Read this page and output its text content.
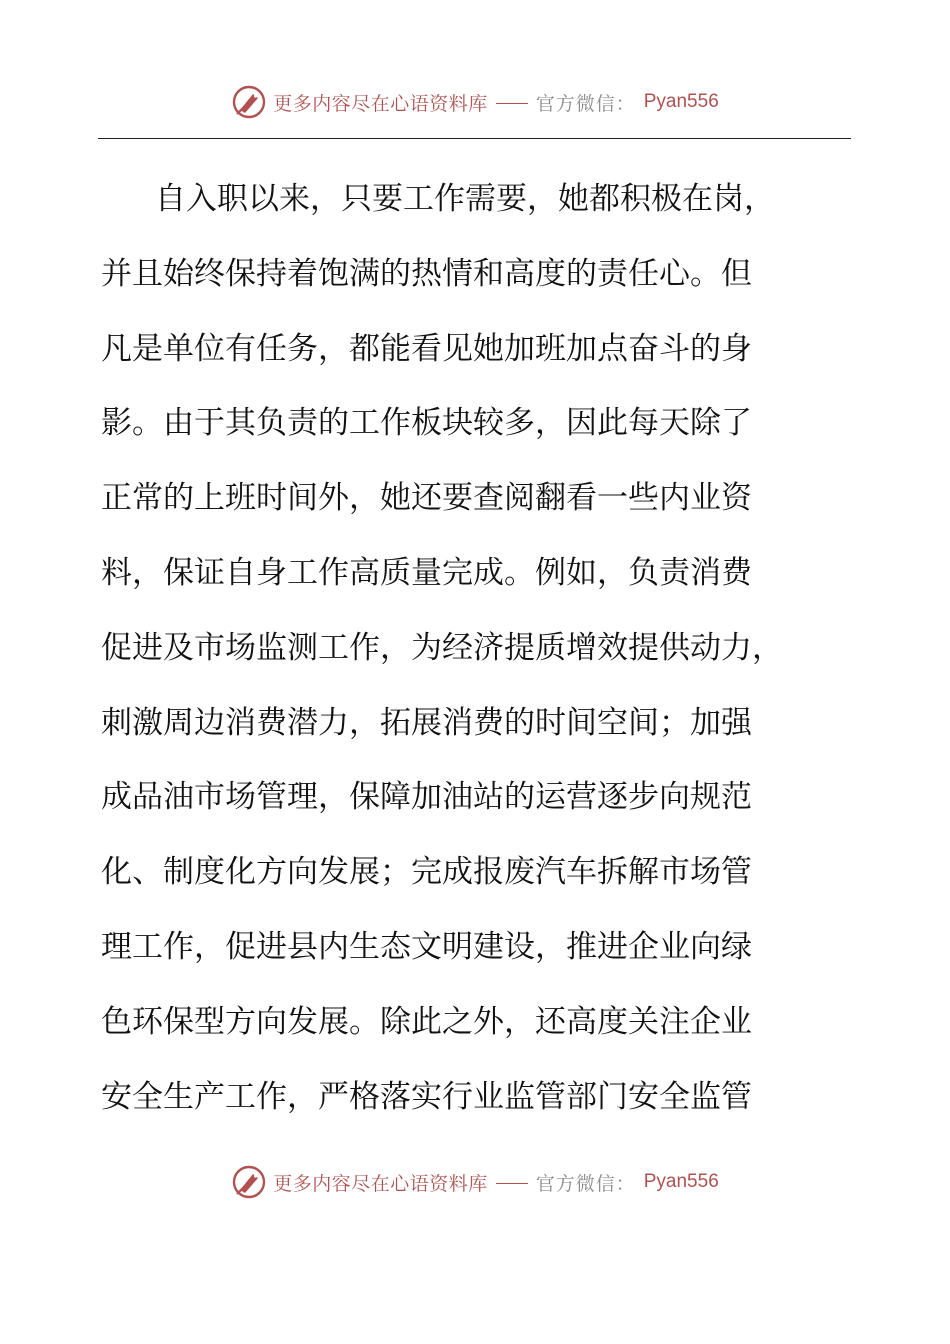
更多内容尽在心语资料库	官方微信： Pyan556
自入职以来，只要工作需要，她都积极在岗，
并且始终保持着饱满的热情和高度的责任心。但
凡是单位有任务，都能看见她加班加点奋斗的身
影。由于其负责的工作板块较多，因此每天除了
正常的上班时间外，她还要查阅翻看一些内业资
料，保证自身工作高质量完成。例如，负责消费
促进及市场监测工作，为经济提质增效提供动力，
刺激周边消费潜力，拓展消费的时间空间；加强
成品油市场管理，保障加油站的运营逐步向规范
化、制度化方向发展；完成报废汽车拆解市场管
理工作，促进县内生态文明建设，推进企业向绿
色环保型方向发展。除此之外，还高度关注企业
安全生产工作，严格落实行业监管部门安全监管
更多内容尽在心语资料库	官方微信： Pyan556
